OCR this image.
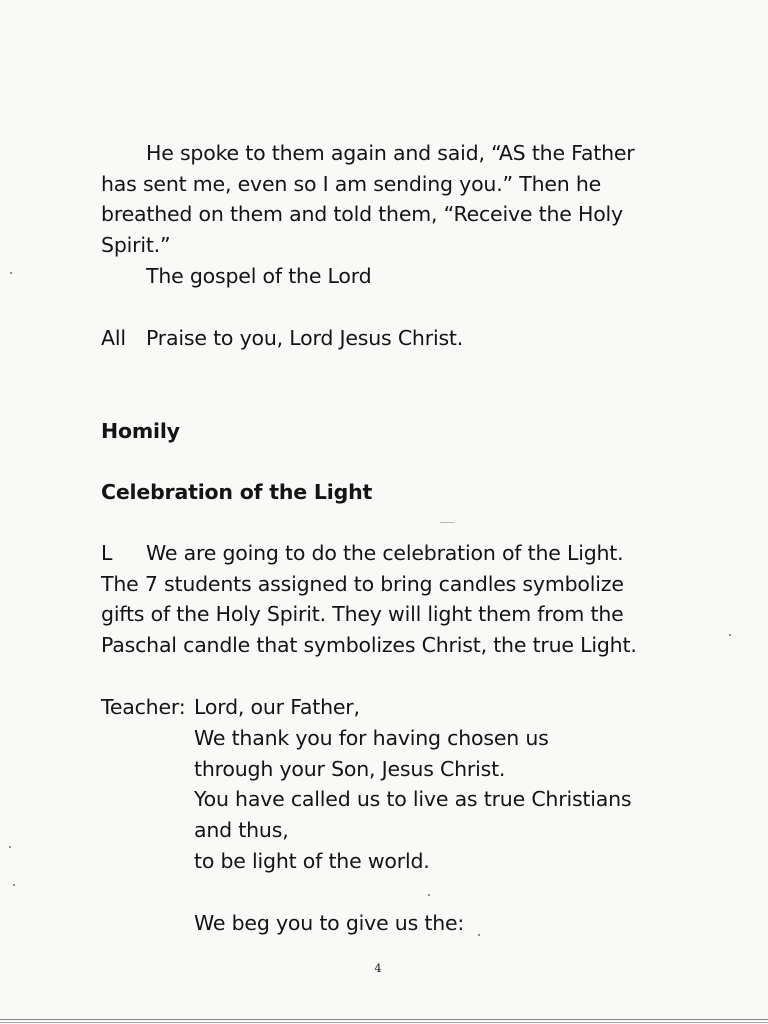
He spoke to them again and said, “AS the Father
has sent me, even so I am sending you.” Then he
breathed on them and told them, “Receive the Holy
Spirit.”
The gospel of the Lord
All Praise to you, Lord Jesus Christ.
Homily
Celebration of the Light
L We are going to do the celebration of the Light.
The 7 students assigned to bring candles symbolize
gifts of the Holy Spirit. They will light them from the
Paschal candle that symbolizes Christ, the true Light.
Teacher: Lord, our Father,
We thank you for having chosen us
through your Son, Jesus Christ.
You have called us to live as true Christians
and thus,
to be light of the world.
We beg you to give us the:
4
